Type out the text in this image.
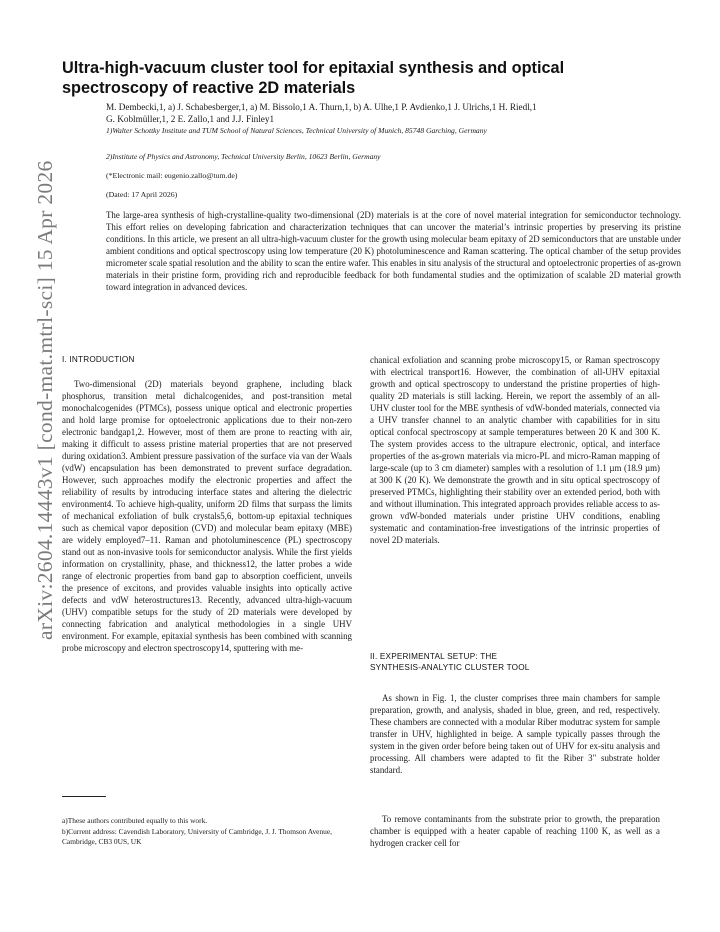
arXiv:2604.14443v1 [cond-mat.mtrl-sci] 15 Apr 2026
Ultra-high-vacuum cluster tool for epitaxial synthesis and optical spectroscopy of reactive 2D materials
M. Dembecki,1, a) J. Schabesberger,1, a) M. Bissolo,1 A. Thurn,1, b) A. Ulhe,1 P. Avdienko,1 J. Ulrichs,1 H. Riedl,1
G. Koblmüller,1, 2 E. Zallo,1 and J.J. Finley1
1)Walter Schottky Institute and TUM School of Natural Sciences, Technical University of Munich, 85748 Garching, Germany
2)Institute of Physics and Astronomy, Technical University Berlin, 10623 Berlin, Germany
(*Electronic mail: eugenio.zallo@tum.de)
(Dated: 17 April 2026)
The large-area synthesis of high-crystalline-quality two-dimensional (2D) materials is at the core of novel material integration for semiconductor technology. This effort relies on developing fabrication and characterization techniques that can uncover the material’s intrinsic properties by preserving its pristine conditions. In this article, we present an all ultra-high-vacuum cluster for the growth using molecular beam epitaxy of 2D semiconductors that are unstable under ambient conditions and optical spectroscopy using low temperature (20 K) photoluminescence and Raman scattering. The optical chamber of the setup provides micrometer scale spatial resolution and the ability to scan the entire wafer. This enables in situ analysis of the structural and optoelectronic properties of as-grown materials in their pristine form, providing rich and reproducible feedback for both fundamental studies and the optimization of scalable 2D material growth toward integration in advanced devices.
I. INTRODUCTION
Two-dimensional (2D) materials beyond graphene, including black phosphorus, transition metal dichalcogenides, and post-transition metal monochalcogenides (PTMCs), possess unique optical and electronic properties and hold large promise for optoelectronic applications due to their non-zero electronic bandgap1,2. However, most of them are prone to reacting with air, making it difficult to assess pristine material properties that are not preserved during oxidation3. Ambient pressure passivation of the surface via van der Waals (vdW) encapsulation has been demonstrated to prevent surface degradation. However, such approaches modify the electronic properties and affect the reliability of results by introducing interface states and altering the dielectric environment4. To achieve high-quality, uniform 2D films that surpass the limits of mechanical exfoliation of bulk crystals5,6, bottom-up epitaxial techniques such as chemical vapor deposition (CVD) and molecular beam epitaxy (MBE) are widely employed7–11. Raman and photoluminescence (PL) spectroscopy stand out as non-invasive tools for semiconductor analysis. While the first yields information on crystallinity, phase, and thickness12, the latter probes a wide range of electronic properties from band gap to absorption coefficient, unveils the presence of excitons, and provides valuable insights into optically active defects and vdW heterostructures13. Recently, advanced ultra-high-vacuum (UHV) compatible setups for the study of 2D materials were developed by connecting fabrication and analytical methodologies in a single UHV environment. For example, epitaxial synthesis has been combined with scanning probe microscopy and electron spectroscopy14, sputtering with me-
chanical exfoliation and scanning probe microscopy15, or Raman spectroscopy with electrical transport16. However, the combination of all-UHV epitaxial growth and optical spectroscopy to understand the pristine properties of high-quality 2D materials is still lacking. Herein, we report the assembly of an all-UHV cluster tool for the MBE synthesis of vdW-bonded materials, connected via a UHV transfer channel to an analytic chamber with capabilities for in situ optical confocal spectroscopy at sample temperatures between 20 K and 300 K. The system provides access to the ultrapure electronic, optical, and interface properties of the as-grown materials via micro-PL and micro-Raman mapping of large-scale (up to 3 cm diameter) samples with a resolution of 1.1 µm (18.9 µm) at 300 K (20 K). We demonstrate the growth and in situ optical spectroscopy of preserved PTMCs, highlighting their stability over an extended period, both with and without illumination. This integrated approach provides reliable access to as-grown vdW-bonded materials under pristine UHV conditions, enabling systematic and contamination-free investigations of the intrinsic properties of novel 2D materials.
II. EXPERIMENTAL SETUP: THE
SYNTHESIS-ANALYTIC CLUSTER TOOL
As shown in Fig. 1, the cluster comprises three main chambers for sample preparation, growth, and analysis, shaded in blue, green, and red, respectively. These chambers are connected with a modular Riber modutrac system for sample transfer in UHV, highlighted in beige. A sample typically passes through the system in the given order before being taken out of UHV for ex-situ analysis and processing. All chambers were adapted to fit the Riber 3" substrate holder standard.
To remove contaminants from the substrate prior to growth, the preparation chamber is equipped with a heater capable of reaching 1100 K, as well as a hydrogen cracker cell for
a)These authors contributed equally to this work.
b)Current address: Cavendish Laboratory, University of Cambridge, J. J. Thomson Avenue, Cambridge, CB3 0US, UK
